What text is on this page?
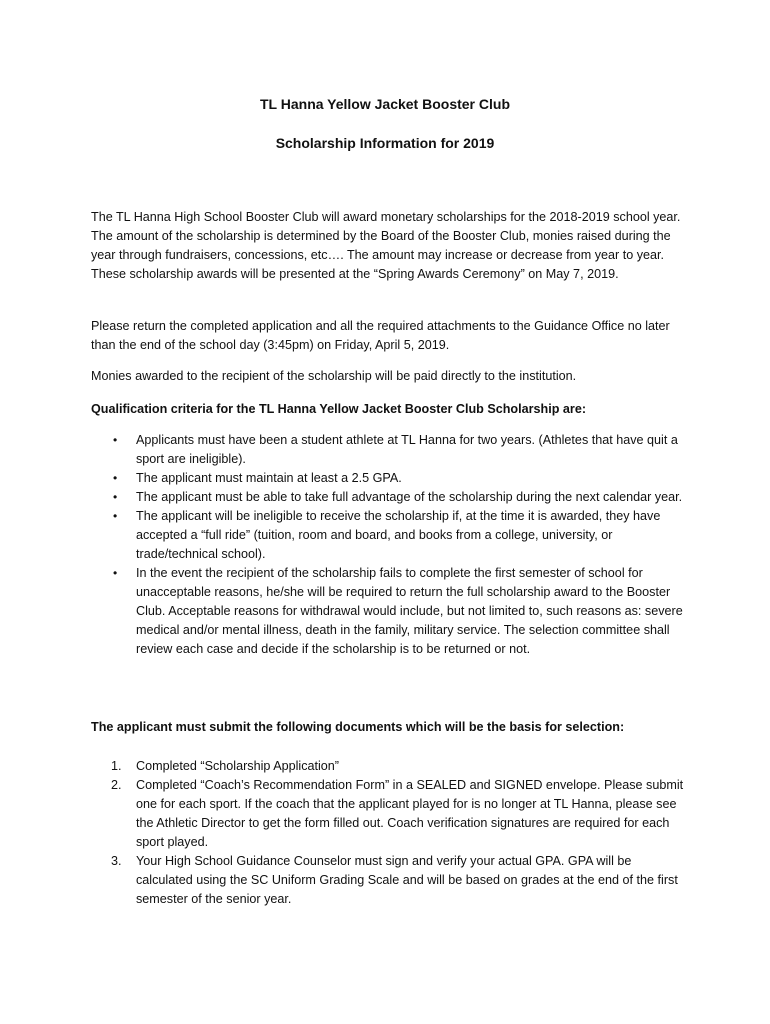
TL Hanna Yellow Jacket Booster Club
Scholarship Information for 2019

The TL Hanna High School Booster Club will award monetary scholarships for the 2018-2019 school year. The amount of the scholarship is determined by the Board of the Booster Club, monies raised during the year through fundraisers, concessions, etc…. The amount may increase or decrease from year to year. These scholarship awards will be presented at the “Spring Awards Ceremony” on May 7, 2019.

Please return the completed application and all the required attachments to the Guidance Office no later than the end of the school day (3:45pm) on Friday, April 5, 2019.

Monies awarded to the recipient of the scholarship will be paid directly to the institution.

Qualification criteria for the TL Hanna Yellow Jacket Booster Club Scholarship are:

• Applicants must have been a student athlete at TL Hanna for two years. (Athletes that have quit a sport are ineligible).
• The applicant must maintain at least a 2.5 GPA.
• The applicant must be able to take full advantage of the scholarship during the next calendar year.
• The applicant will be ineligible to receive the scholarship if, at the time it is awarded, they have accepted a “full ride” (tuition, room and board, and books from a college, university, or trade/technical school).
• In the event the recipient of the scholarship fails to complete the first semester of school for unacceptable reasons, he/she will be required to return the full scholarship award to the Booster Club. Acceptable reasons for withdrawal would include, but not limited to, such reasons as: severe medical and/or mental illness, death in the family, military service. The selection committee shall review each case and decide if the scholarship is to be returned or not.

The applicant must submit the following documents which will be the basis for selection:

1. Completed “Scholarship Application”
2. Completed “Coach’s Recommendation Form” in a SEALED and SIGNED envelope. Please submit one for each sport. If the coach that the applicant played for is no longer at TL Hanna, please see the Athletic Director to get the form filled out. Coach verification signatures are required for each sport played.
3. Your High School Guidance Counselor must sign and verify your actual GPA. GPA will be calculated using the SC Uniform Grading Scale and will be based on grades at the end of the first semester of the senior year.
